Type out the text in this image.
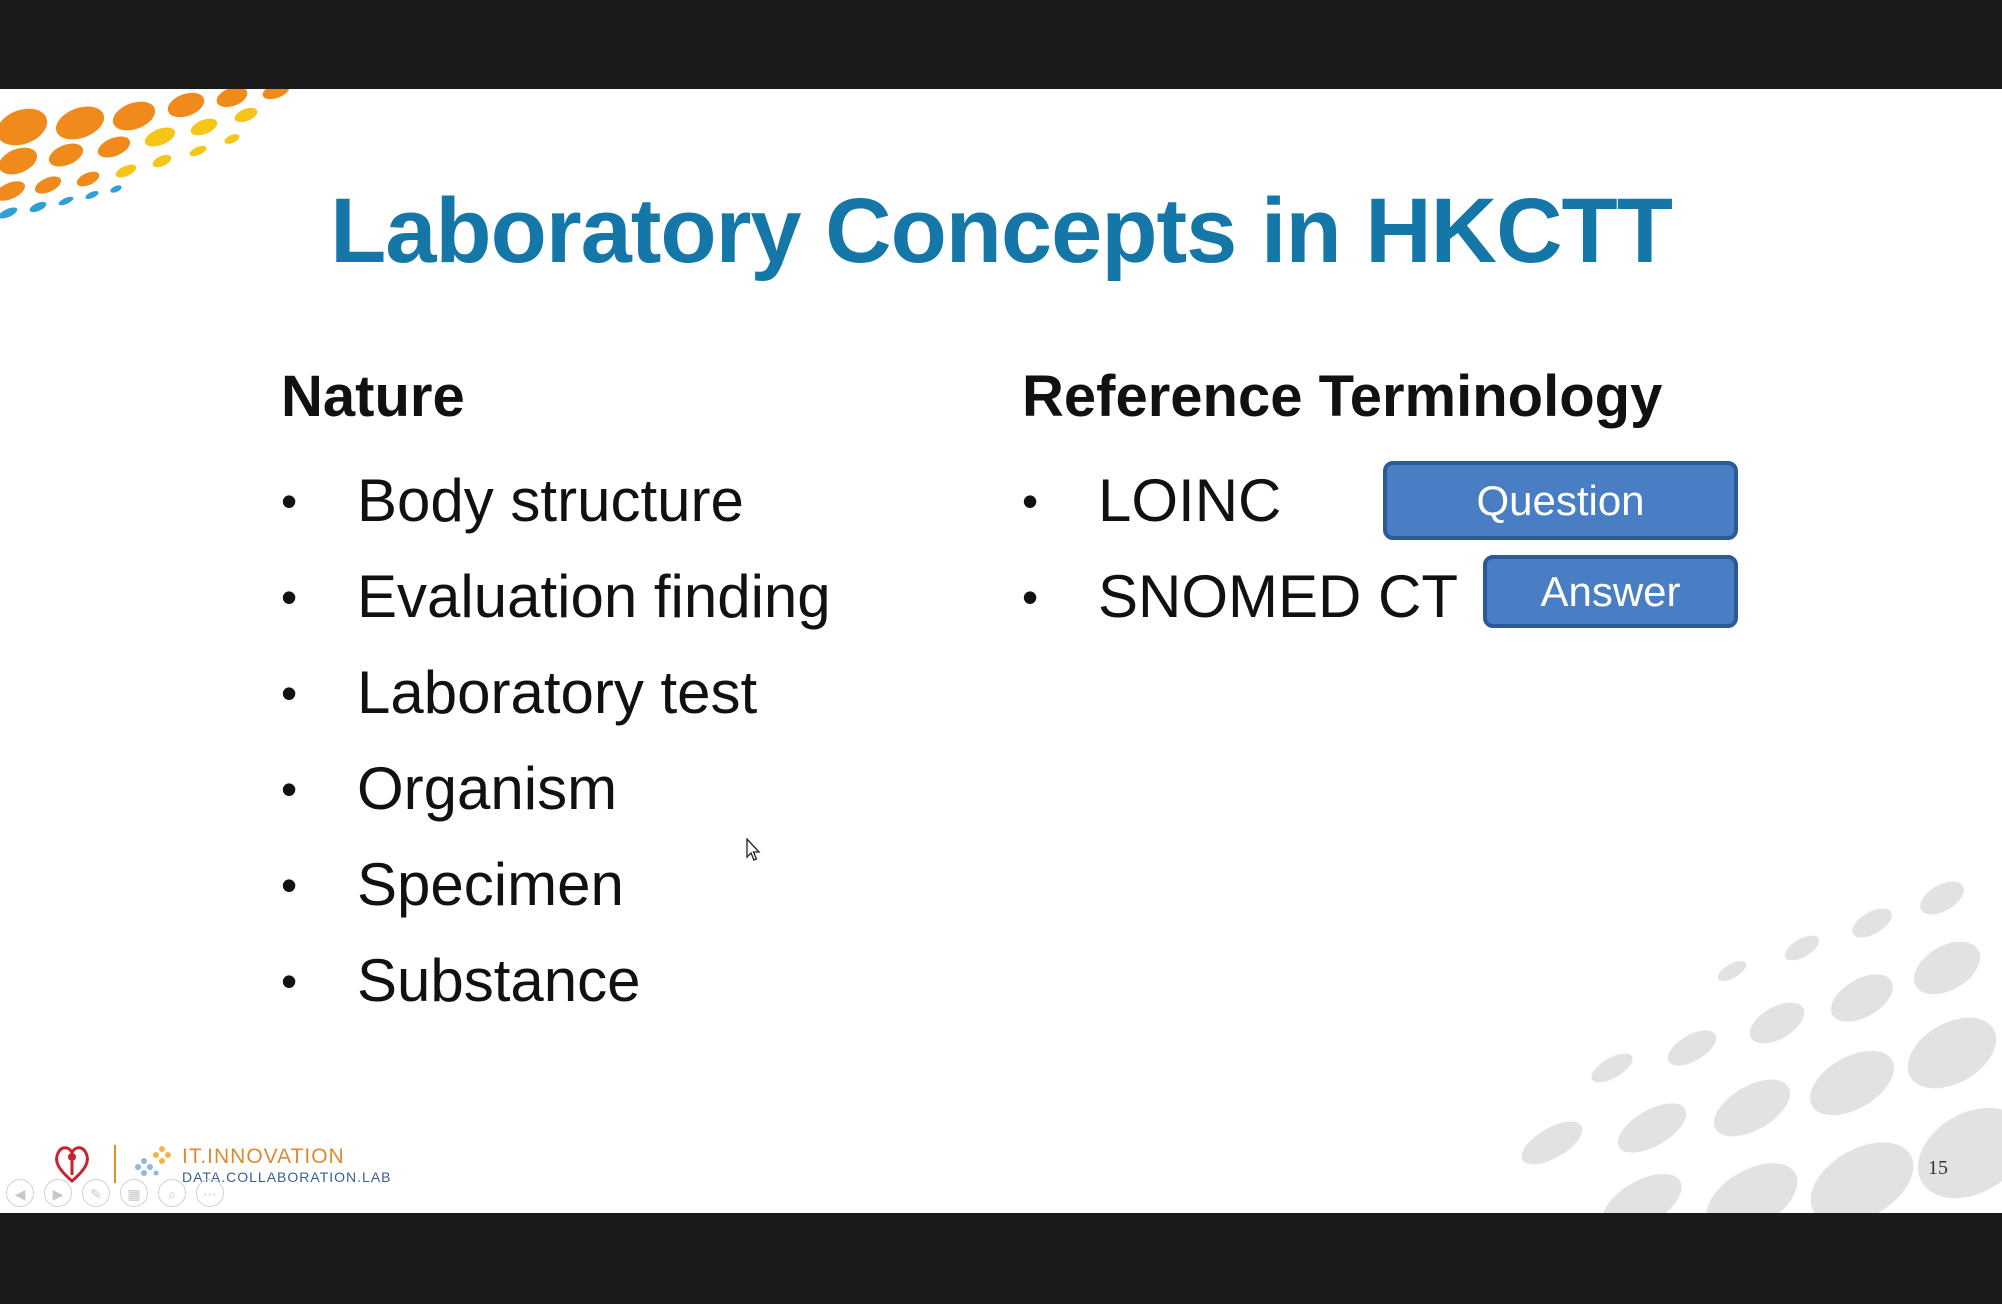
Laboratory Concepts in HKCTT
Nature
• Body structure
• Evaluation finding
• Laboratory test
• Organism
• Specimen
• Substance
Reference Terminology
• LOINC
• SNOMED CT
Question
Answer
IT.INNOVATION
DATA.COLLABORATION.LAB
◀	▶	✎	▦	⌕	⋯
15
